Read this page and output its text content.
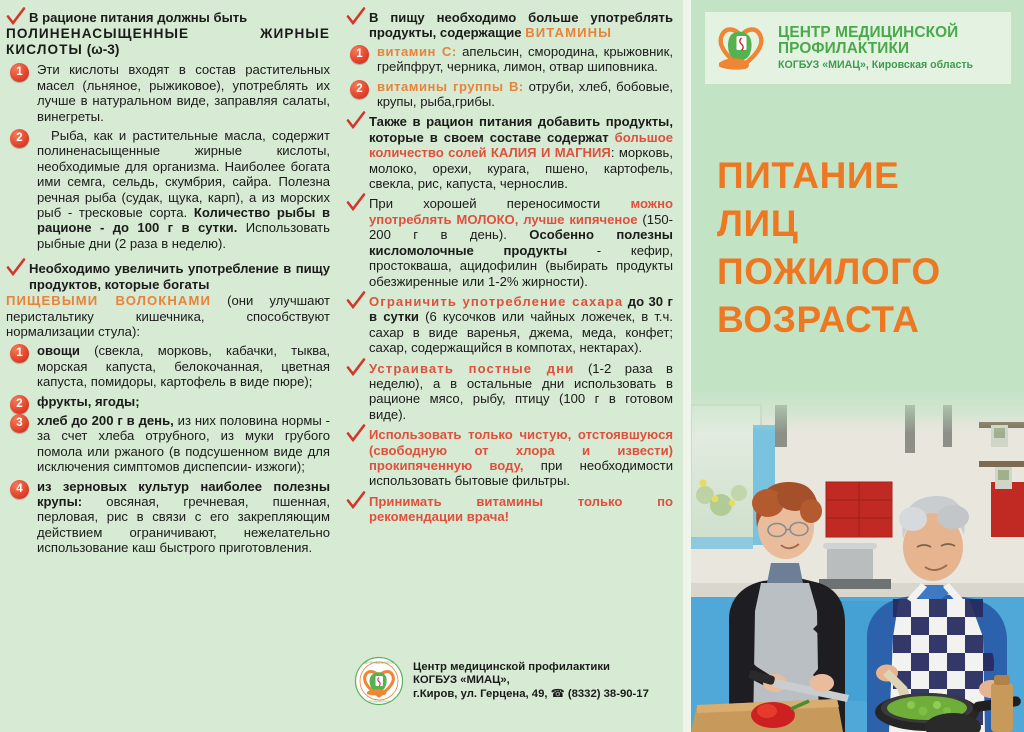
В рационе питания должны быть

ПОЛИНЕНАСЫЩЕННЫЕ ЖИРНЫЕ КИСЛОТЫ (ω-3)

1	Эти кислоты входят в состав растительных масел (льняное, рыжиковое), употреблять их лучше в натуральном виде, заправляя салаты, винегреты.

2	Рыба, как и растительные масла, содержит полиненасыщенные жирные кислоты, необходимые для организма. Наиболее богата ими семга, сельдь, скумбрия, сайра. Полезна речная рыба (судак, щука, карп), а из морских рыб - тресковые сорта. Количество рыбы в рационе - до 100 г в сутки. Использовать рыбные дни (2 раза в неделю).

Необходимо увеличить употребление в пищу продуктов, которые богаты

ПИЩЕВЫМИ ВОЛОКНАМИ (они улучшают перистальтику кишечника, способствуют нормализации стула):

1	овощи (свекла, морковь, кабачки, тыква, морская капуста, белокочанная, цветная капуста, помидоры, картофель в виде пюре);

2	фрукты, ягоды;

3	хлеб до 200 г в день, из них половина нормы - за счет хлеба отрубного, из муки грубого помола или ржаного (в подсушенном виде для исключения симптомов диспепсии- изжоги);

4	из зерновых культур наиболее полезны крупы: овсяная, гречневая, пшенная, перловая, рис в связи с его закрепляющим действием ограничивают, нежелательно использование каш быстрого приготовления.

В пищу необходимо больше употреблять продукты, содержащие ВИТАМИНЫ

1	витамин С: апельсин, смородина, крыжовник, грейпфрут, черника, лимон, отвар шиповника.

2	витамины группы В: отруби, хлеб, бобовые, крупы, рыба,грибы.

Также в рацион питания добавить продукты, которые в своем составе содержат большое количество солей КАЛИЯ И МАГНИЯ: морковь, молоко, орехи, курага, пшено, картофель, свекла, рис, капуста, чернослив.

При хорошей переносимости можно употреблять МОЛОКО, лучше кипяченое (150-200 г в день). Особенно полезны кисломолочные продукты - кефир, простокваша, ацидофилин (выбирать продукты обезжиренные или 1-2% жирности).

Ограничить употребление сахара до 30 г в сутки (6 кусочков или чайных ложечек, в т.ч. сахар в виде варенья, джема, меда, конфет; сахар, содержащийся в компотах, нектарах).

Устраивать постные дни (1-2 раза в неделю), а в остальные дни использовать в рационе мясо, рыбу, птицу (100 г в готовом виде).

Использовать только чистую, отстоявшуюся (свободную от хлора и извести) прокипяченную воду, при необходимости использовать бытовые фильтры.

Принимать витамины только по рекомендации врача!

ЦЕНТР МЕДИЦИНСКОЙ
ПРОФИЛАКТИКИ
Центр медицинской профилактики
КОГБУЗ «МИАЦ»,
г.Киров, ул. Герцена, 49, ☎ (8332) 38-90-17
ЦЕНТР МЕДИЦИНСКОЙ
ПРОФИЛАКТИКИ
КОГБУЗ «МИАЦ», Кировская область
ПИТАНИЕ
ЛИЦ
ПОЖИЛОГО
ВОЗРАСТА
